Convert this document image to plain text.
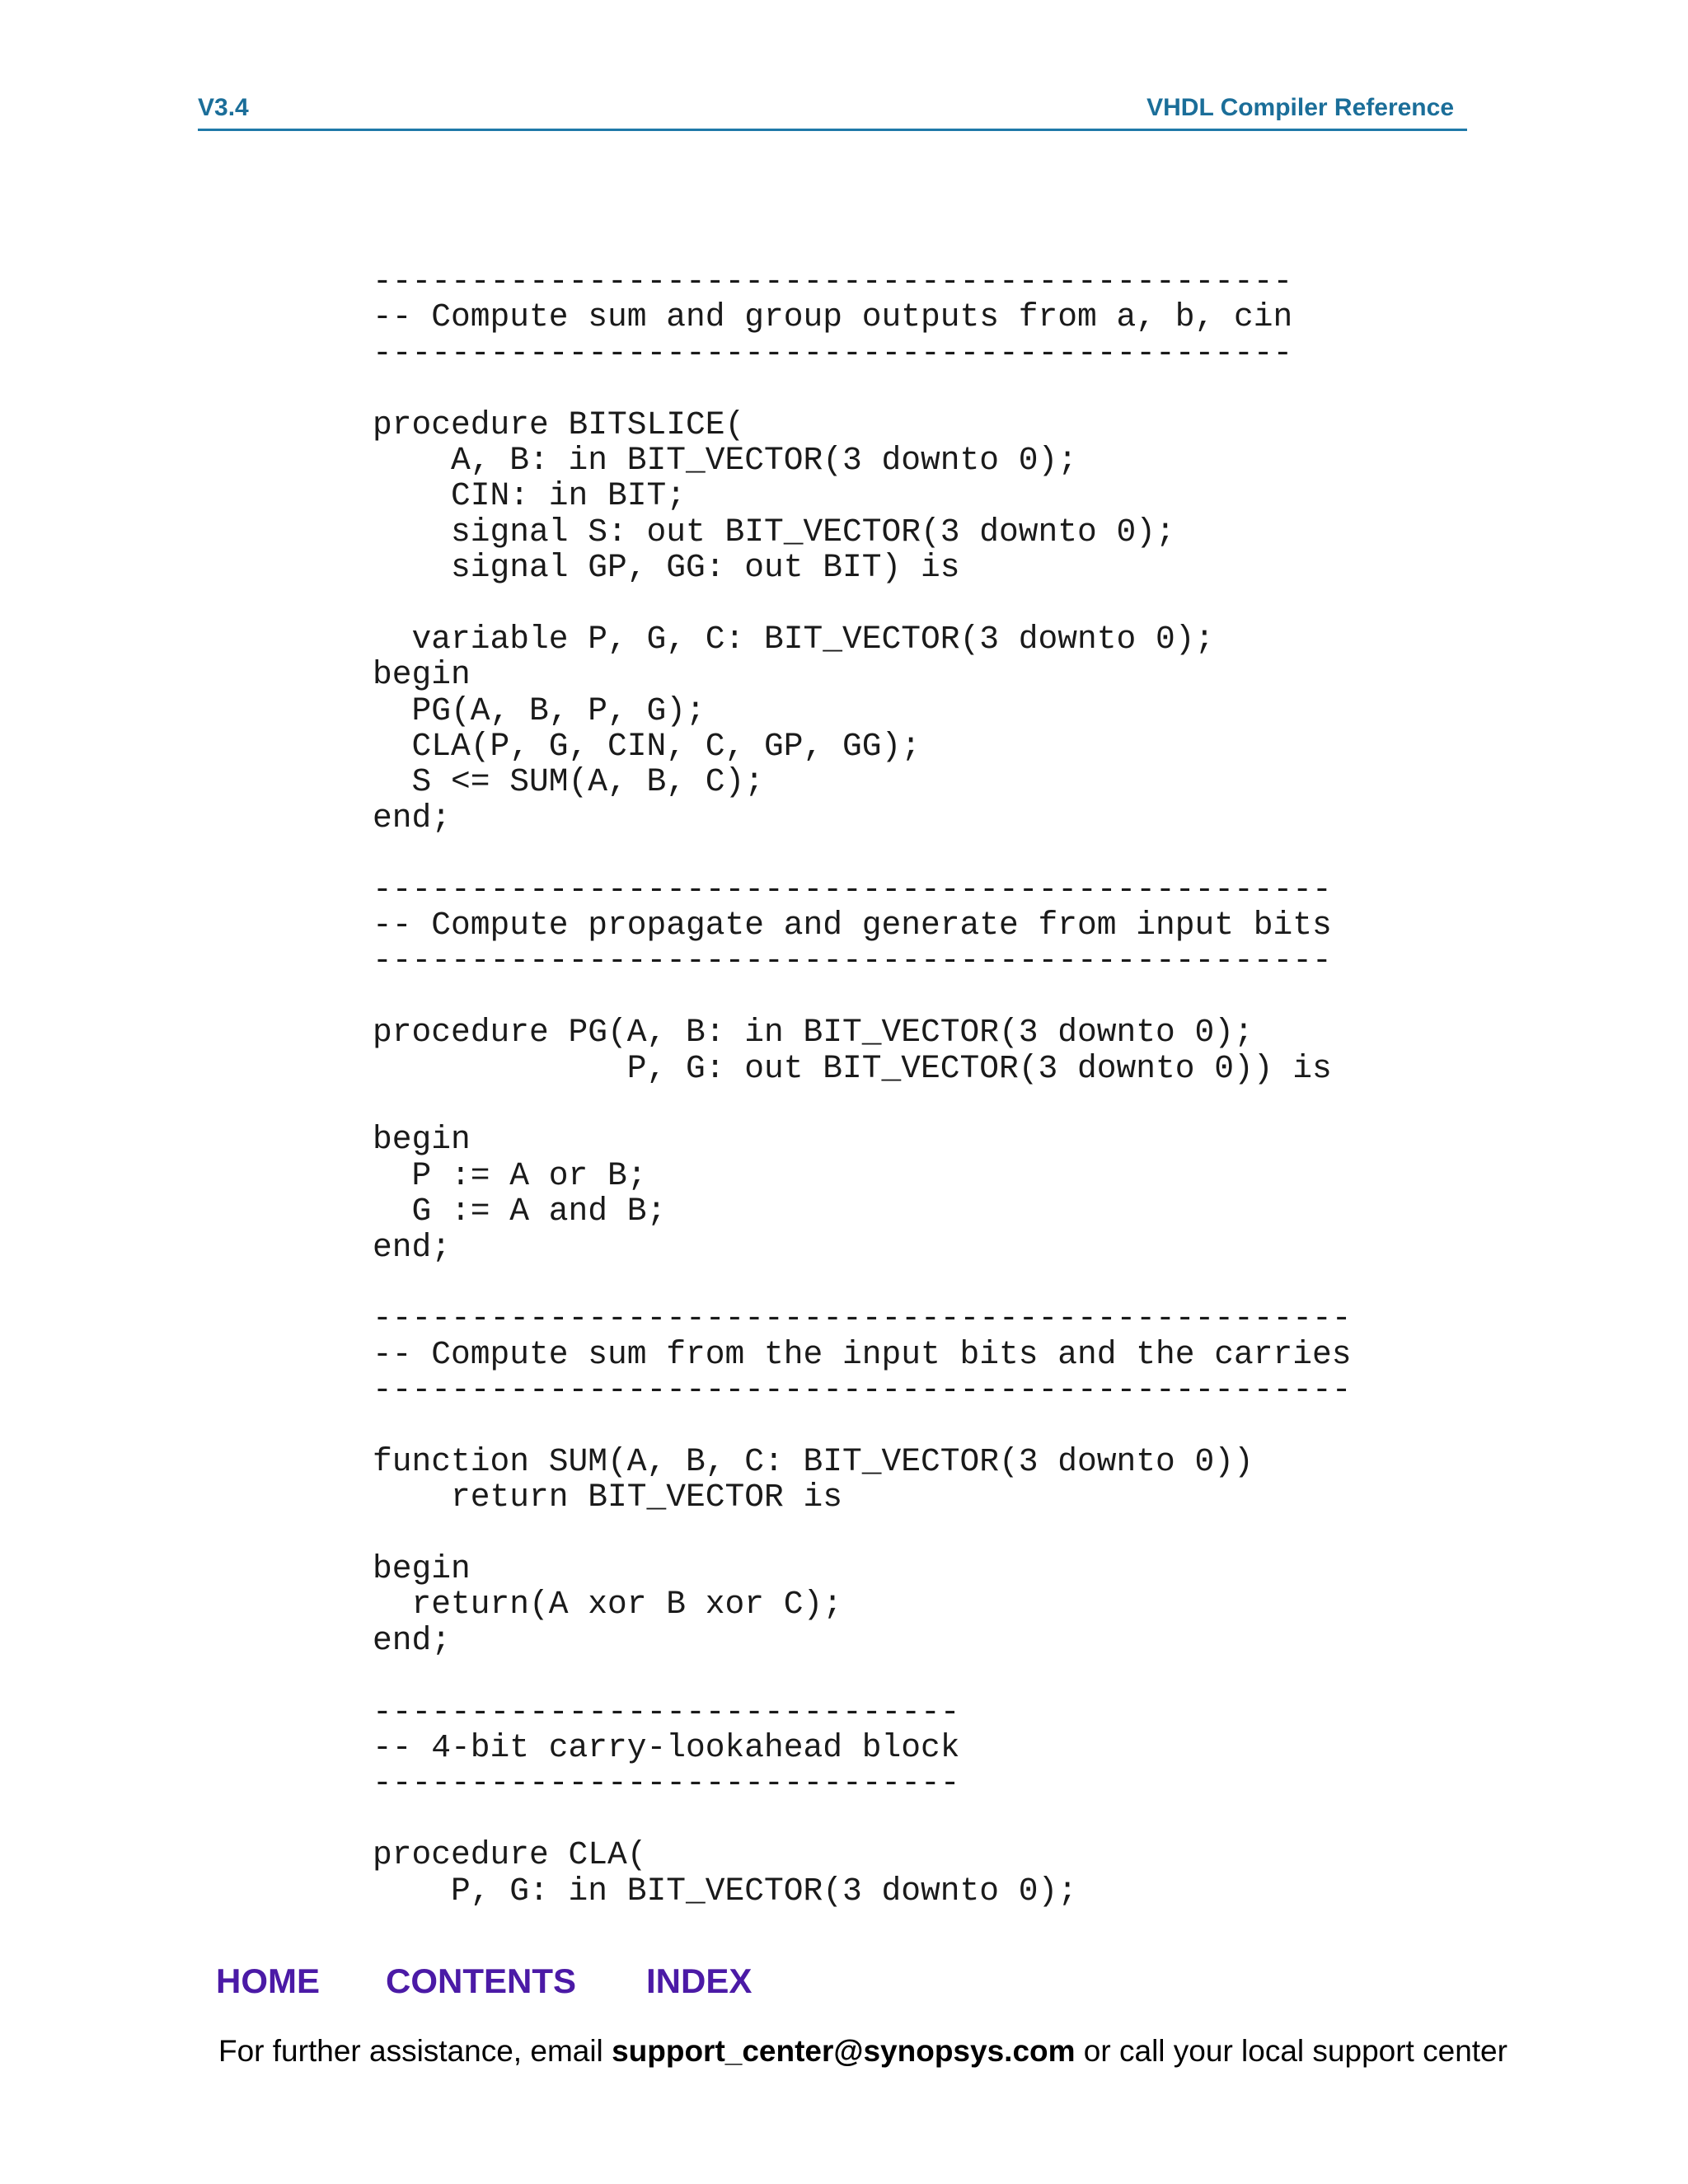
V3.4	VHDL Compiler Reference
-----------------------------------------------
-- Compute sum and group outputs from a, b, cin
-----------------------------------------------
procedure BITSLICE(
A, B: in BIT_VECTOR(3 downto 0);
CIN: in BIT;
signal S: out BIT_VECTOR(3 downto 0);
signal GP, GG: out BIT) is
variable P, G, C: BIT_VECTOR(3 downto 0);
begin
PG(A, B, P, G);
CLA(P, G, CIN, C, GP, GG);
S <= SUM(A, B, C);
end;
-------------------------------------------------
-- Compute propagate and generate from input bits
-------------------------------------------------
procedure PG(A, B: in BIT_VECTOR(3 downto 0);
P, G: out BIT_VECTOR(3 downto 0)) is
begin
P := A or B;
G := A and B;
end;
--------------------------------------------------
-- Compute sum from the input bits and the carries
--------------------------------------------------
function SUM(A, B, C: BIT_VECTOR(3 downto 0))
return BIT_VECTOR is
begin
return(A xor B xor C);
end;
------------------------------
-- 4-bit carry-lookahead block
------------------------------
procedure CLA(
P, G: in BIT_VECTOR(3 downto 0);
HOME CONTENTS INDEX
For further assistance, email support_center@synopsys.com or call your local support center
